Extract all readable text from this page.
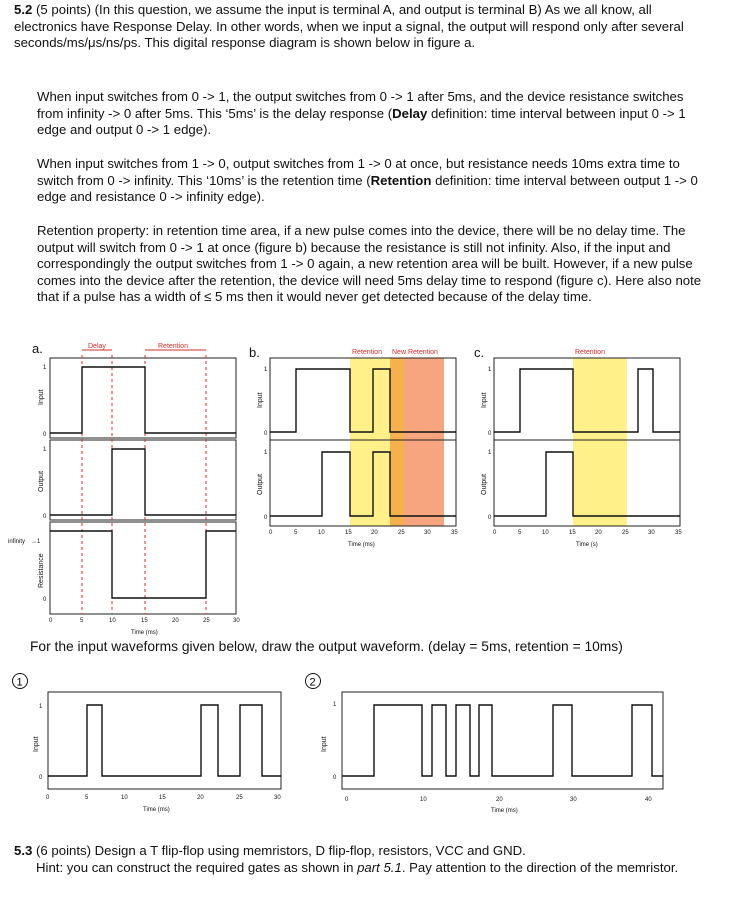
5.2 (5 points) (In this question, we assume the input is terminal A, and output is terminal B) As we all know, all electronics have Response Delay. In other words, when we input a signal, the output will respond only after several seconds/ms/μs/ns/ps. This digital response diagram is shown below in figure a.

When input switches from 0 -> 1, the output switches from 0 -> 1 after 5ms, and the device resistance switches from infinity -> 0 after 5ms. This ‘5ms’ is the delay response (Delay definition: time interval between input 0 -> 1 edge and output 0 -> 1 edge).

When input switches from 1 -> 0, output switches from 1 -> 0 at once, but resistance needs 10ms extra time to switch from 0 -> infinity. This ‘10ms’ is the retention time (Retention definition: time interval between output 1 -> 0 edge and resistance 0 -> infinity edge).

Retention property: in retention time area, if a new pulse comes into the device, there will be no delay time. The output will switch from 0 -> 1 at once (figure b) because the resistance is still not infinity. Also, if the input and correspondingly the output switches from 1 -> 0 again, a new retention area will be built. However, if a new pulse comes into the device after the retention, the device will need 5ms delay time to respond (figure c). Here also note that if a pulse has a width of ≤ 5 ms then it would never get detected because of the delay time.

a.	Delay	Retention
Input
Output
Resistance
1
0
1
0
infinity →1
0
0	5	10	15	20	25	30
Time (ms)
b.	Retention New Retention
Input
Output
1
0
1
0
0	5	10	15	20	25	30	35
Time (ms)
c.	Retention
Input
Output
1
0
1
0
0	5	10	15	20	25	30	35
Time (s)
1
Input
1
0
0	5	10	15	20	25	30
Time (ms)
2
Input
1
0
0	10	20	30	40
Time (ms)
For the input waveforms given below, draw the output waveform. (delay = 5ms, retention = 10ms)

5.3 (6 points) Design a T flip-flop using memristors, D flip-flop, resistors, VCC and GND.
Hint: you can construct the required gates as shown in part 5.1. Pay attention to the direction of the memristor.
